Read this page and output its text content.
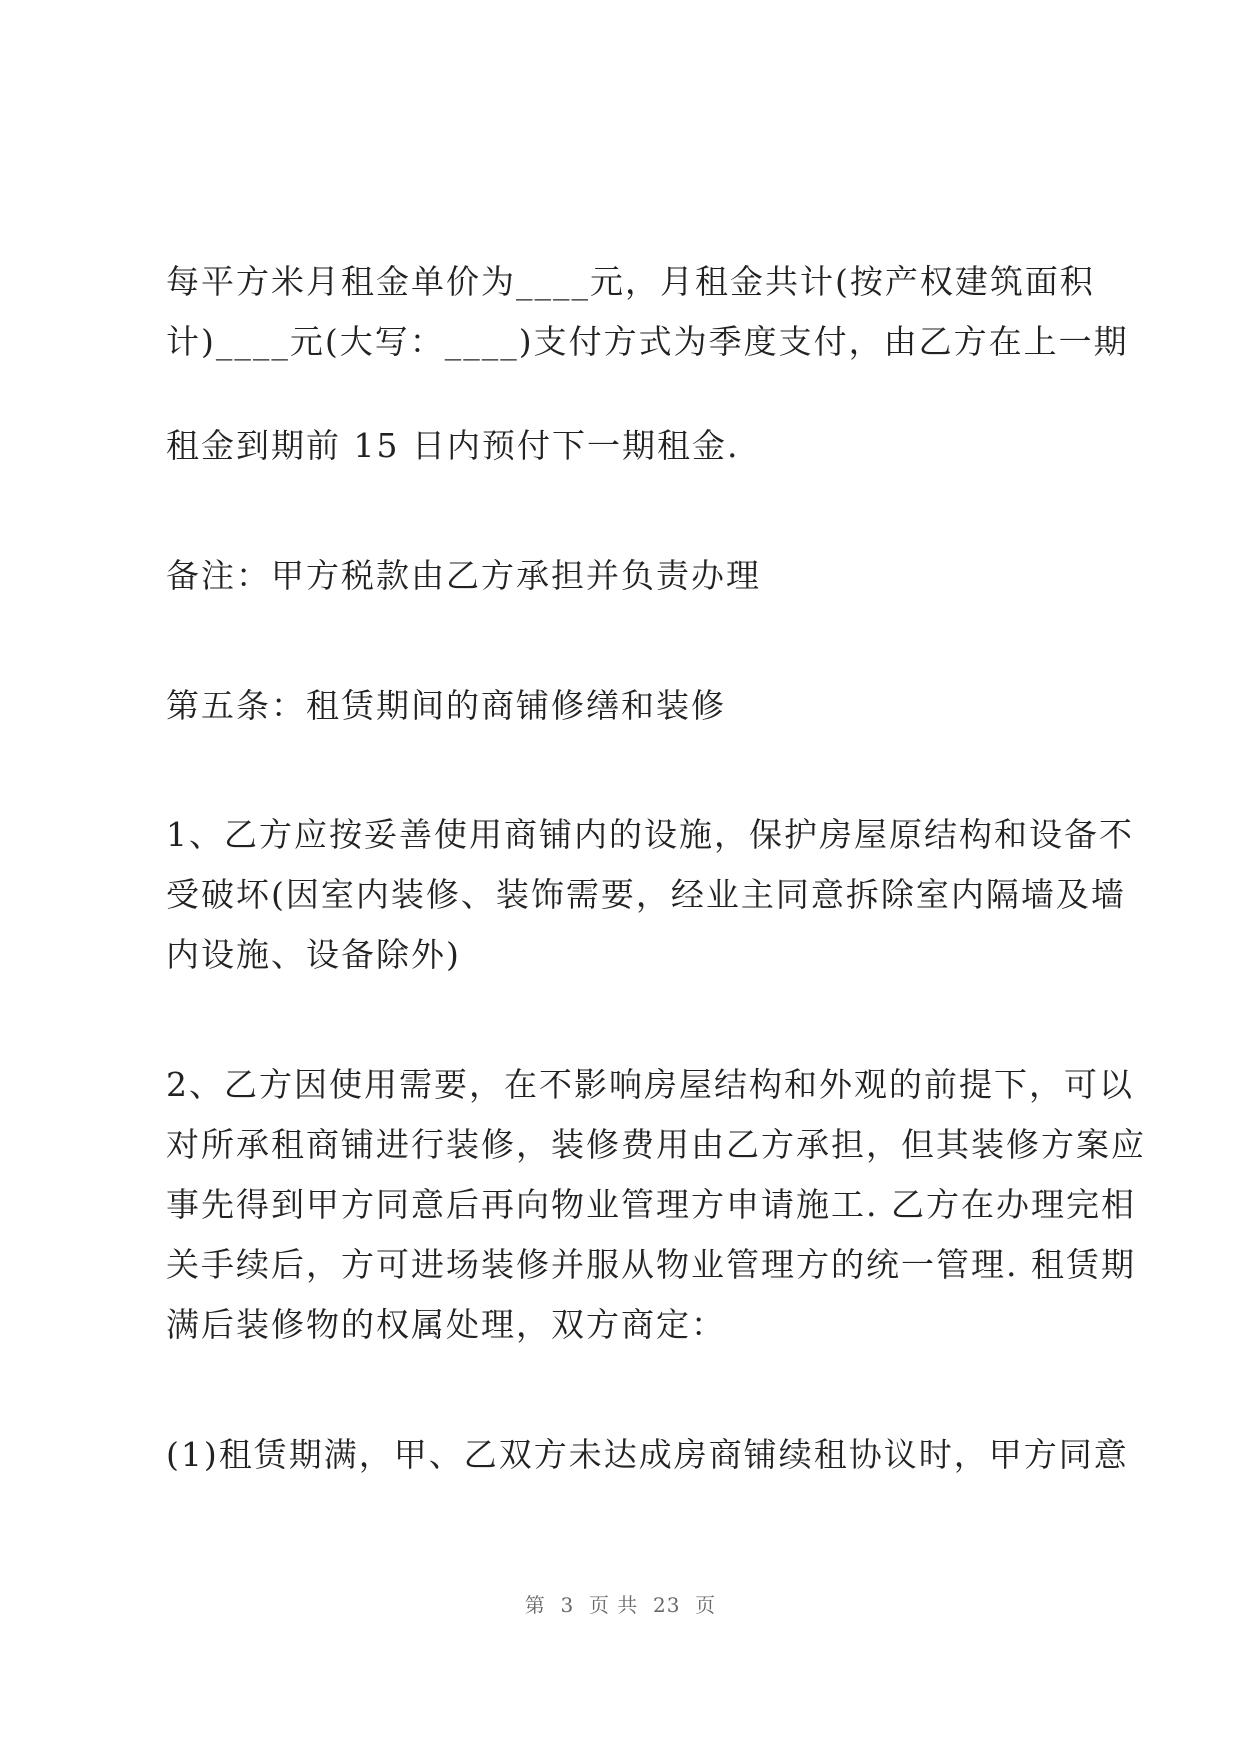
每平方米月租金单价为____元，月租金共计(按产权建筑面积
计)____元(大写：____)支付方式为季度支付，由乙方在上一期
租金到期前 15 日内预付下一期租金.
备注：甲方税款由乙方承担并负责办理
第五条：租赁期间的商铺修缮和装修
1、乙方应按妥善使用商铺内的设施，保护房屋原结构和设备不
受破坏(因室内装修、装饰需要，经业主同意拆除室内隔墙及墙
内设施、设备除外)
2、乙方因使用需要，在不影响房屋结构和外观的前提下，可以
对所承租商铺进行装修，装修费用由乙方承担，但其装修方案应
事先得到甲方同意后再向物业管理方申请施工. 乙方在办理完相
关手续后，方可进场装修并服从物业管理方的统一管理. 租赁期
满后装修物的权属处理，双方商定：
(1)租赁期满，甲、乙双方未达成房商铺续租协议时，甲方同意
第  3  页 共  23  页
